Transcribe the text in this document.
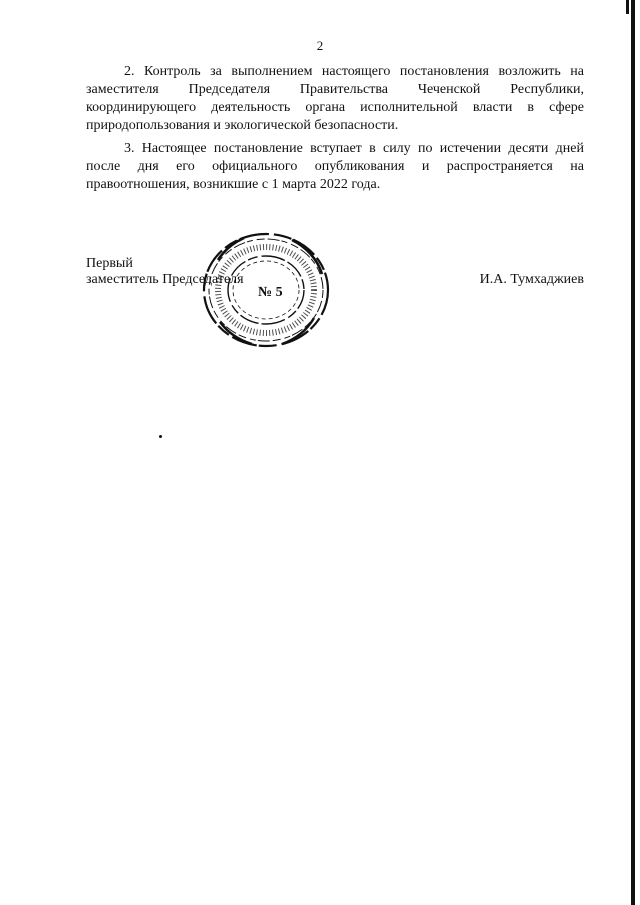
2

2. Контроль за выполнением настоящего постановления возложить на заместителя Председателя Правительства Чеченской Республики, координирующего деятельность органа исполнительной власти в сфере природопользования и экологической безопасности.

3. Настоящее постановление вступает в силу по истечении десяти дней после дня его официального опубликования и распространяется на правоотношения, возникшие с 1 марта 2022 года.

№ 5
Первый
заместитель Председателя	И.А. Тумхаджиев
